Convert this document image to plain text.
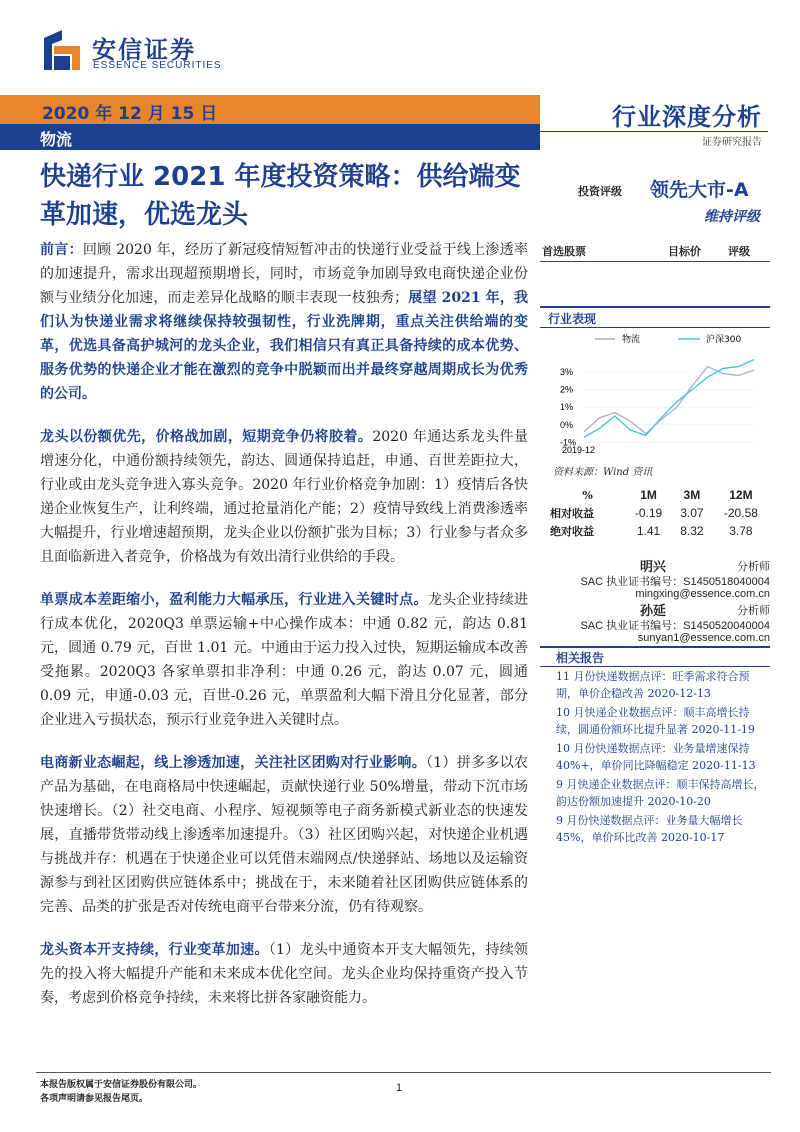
安信证券
ESSENCE SECURITIES
2020 年 12 月 15 日
物流
行业深度分析
证券研究报告
快递行业 2021 年度投资策略：供给端变革加速，优选龙头
投资评级 领先大市-A
维持评级
前言：回顾 2020 年，经历了新冠疫情短暂冲击的快递行业受益于线上渗透率的加速提升，需求出现超预期增长，同时，市场竞争加剧导致电商快递企业份额与业绩分化加速，而走差异化战略的顺丰表现一枝独秀；展望 2021 年，我们认为快递业需求将继续保持较强韧性，行业洗牌期，重点关注供给端的变革，优选具备高护城河的龙头企业，我们相信只有真正具备持续的成本优势、服务优势的快递企业才能在激烈的竞争中脱颖而出并最终穿越周期成长为优秀的公司。
龙头以份额优先，价格战加剧，短期竞争仍将胶着。2020 年通达系龙头件量增速分化，中通份额持续领先，韵达、圆通保持追赶，申通、百世差距拉大，行业或由龙头竞争进入寡头竞争。2020 年行业价格竞争加剧：1）疫情后各快递企业恢复生产，让利终端，通过抢量消化产能；2）疫情导致线上消费渗透率大幅提升，行业增速超预期，龙头企业以份额扩张为目标；3）行业参与者众多且面临新进入者竞争，价格战为有效出清行业供给的手段。
单票成本差距缩小，盈利能力大幅承压，行业进入关键时点。龙头企业持续进行成本优化，2020Q3 单票运输+中心操作成本：中通 0.82 元，韵达 0.81 元，圆通 0.79 元，百世 1.01 元。中通由于运力投入过快，短期运输成本改善受拖累。2020Q3 各家单票扣非净利：中通 0.26 元，韵达 0.07 元，圆通 0.09 元，申通-0.03 元，百世-0.26 元，单票盈利大幅下滑且分化显著，部分企业进入亏损状态，预示行业竞争进入关键时点。
电商新业态崛起，线上渗透加速，关注社区团购对行业影响。（1）拼多多以农产品为基础，在电商格局中快速崛起，贡献快递行业 50%增量，带动下沉市场快速增长。（2）社交电商、小程序、短视频等电子商务新模式新业态的快速发展，直播带货带动线上渗透率加速提升。（3）社区团购兴起，对快递企业机遇与挑战并存：机遇在于快递企业可以凭借末端网点/快递驿站、场地以及运输资源参与到社区团购供应链体系中；挑战在于，未来随着社区团购供应链体系的完善、品类的扩张是否对传统电商平台带来分流，仍有待观察。
龙头资本开支持续，行业变革加速。（1）龙头中通资本开支大幅领先，持续领先的投入将大幅提升产能和未来成本优化空间。龙头企业均保持重资产投入节奏，考虑到价格竞争持续，未来将比拼各家融资能力。
首选股票	目标价 评级
行业表现
物流	沪深300
3%
2%
1%
0%
-1%
2019-12
资料来源：Wind 资讯
%	1M	3M	12M
相对收益	-0.19	3.07	-20.58
绝对收益	1.41	8.32	3.78
明兴	分析师
SAC 执业证书编号：S1450518040004
mingxing@essence.com.cn
孙延	分析师
SAC 执业证书编号：S1450520040004
sunyan1@essence.com.cn
相关报告
11 月份快递数据点评：旺季需求符合预期，单价企稳改善 2020-12-13
10 月快递企业数据点评：顺丰高增长持续，圆通份额环比提升显著 2020-11-19
10 月份快递数据点评：业务量增速保持 40%+，单价同比降幅稳定 2020-11-13
9 月快递企业数据点评：顺丰保持高增长，韵达份额加速提升 2020-10-20
9 月份快递数据点评：业务量大幅增长 45%，单价环比改善 2020-10-17
本报告版权属于安信证券股份有限公司。
各项声明请参见报告尾页。
1
